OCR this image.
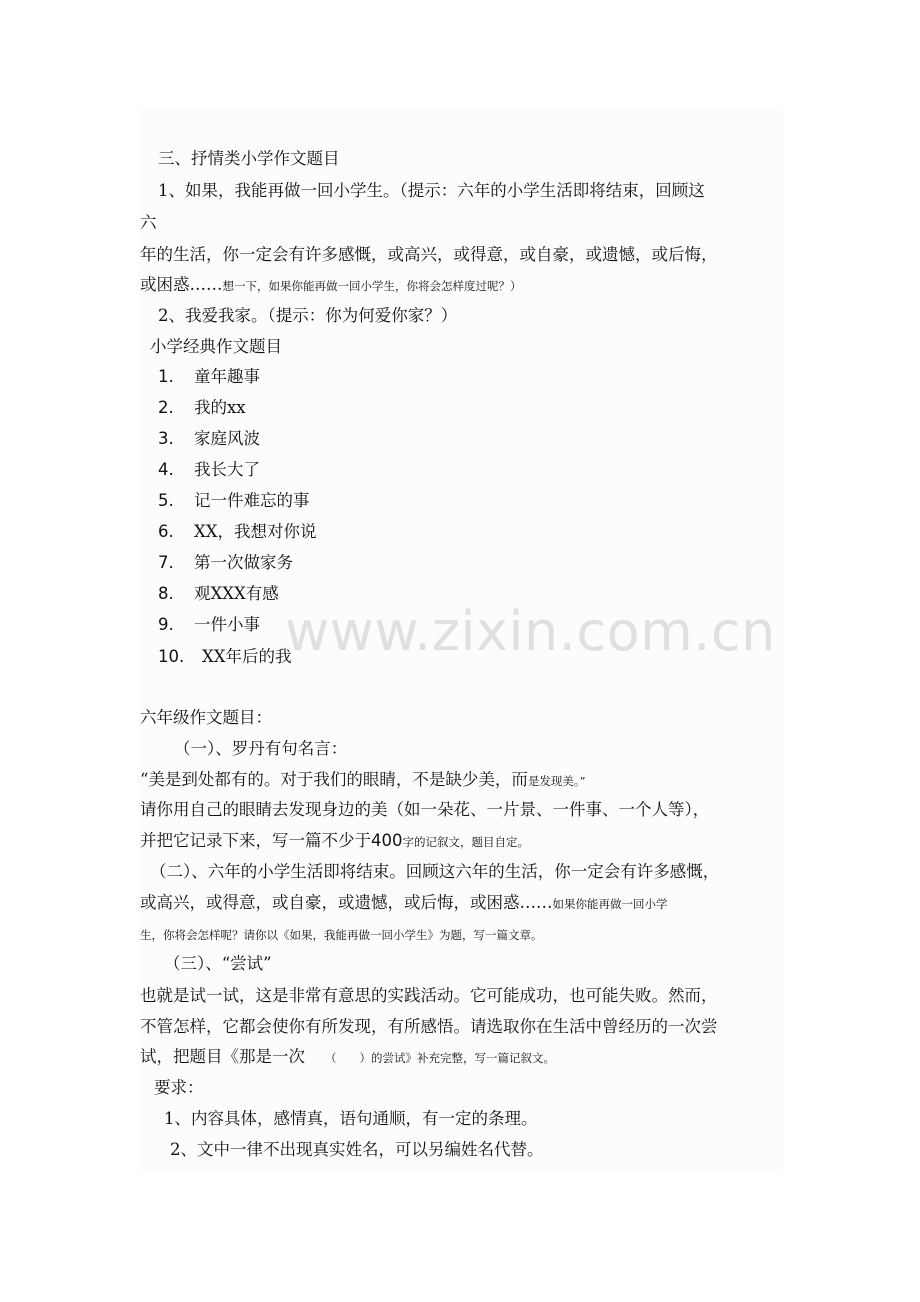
三、抒情类小学作文题目
1、如果，我能再做一回小学生。（提示：六年的小学生活即将结束，回顾这
六
年的生活，你一定会有许多感慨，或高兴，或得意，或自豪，或遗憾，或后悔，
或困惑……想一下，如果你能再做一回小学生，你将会怎样度过呢？）
2、我爱我家。（提示：你为何爱你家？）
小学经典作文题目
1. 童年趣事
2. 我的xx
3. 家庭风波
4. 我长大了
5. 记一件难忘的事
6. XX，我想对你说
7. 第一次做家务
8. 观XXX有感
9. 一件小事
10. XX年后的我
六年级作文题目：
（一）、罗丹有句名言：
“美是到处都有的。对于我们的眼睛，不是缺少美，而是发现美。”
请你用自己的眼睛去发现身边的美（如一朵花、一片景、一件事、一个人等），
并把它记录下来，写一篇不少于400字的记叙文，题目自定。
（二）、六年的小学生活即将结束。回顾这六年的生活，你一定会有许多感慨，
或高兴，或得意，或自豪，或遗憾，或后悔，或困惑……如果你能再做一回小学
生，你将会怎样呢？请你以《如果，我能再做一回小学生》为题，写一篇文章。
（三）、“尝试”
也就是试一试，这是非常有意思的实践活动。它可能成功，也可能失败。然而，
不管怎样，它都会使你有所发现，有所感悟。请选取你在生活中曾经历的一次尝
试，把题目《那是一次 （　　）的尝试》补充完整，写一篇记叙文。
要求：
1、内容具体，感情真，语句通顺，有一定的条理。
2、文中一律不出现真实姓名，可以另编姓名代替。
www.zixin.com.cn
